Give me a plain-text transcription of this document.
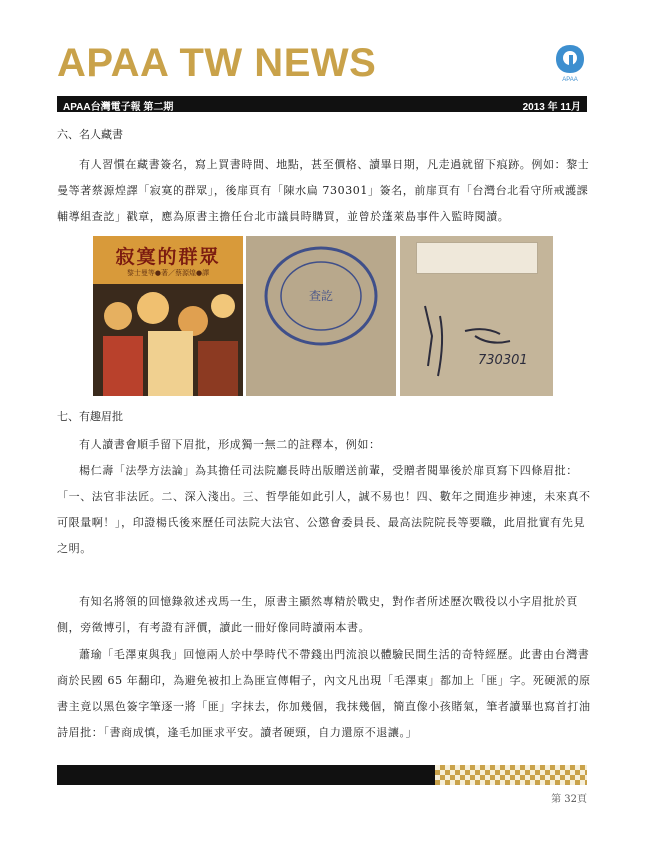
APAA TW NEWS	APAA
APAA台灣電子報 第二期	2013 年 11月
六、名人藏書
有人習慣在藏書簽名，寫上買書時間、地點，甚至價格、讀畢日期，凡走過就留下痕跡。例如：黎士曼等著蔡源煌譯「寂寞的群眾」，後扉頁有「陳水扁 730301」簽名，前扉頁有「台灣台北看守所戒護課輔導組查訖」戳章，應為原書主擔任台北市議員時購買，並曾於蓬萊島事件入監時閱讀。
寂寞的群眾
黎士曼等●著／蔡源煌●譯
查訖
730301
七、有趣眉批
有人讀書會順手留下眉批，形成獨一無二的註釋本，例如：
楊仁壽「法學方法論」為其擔任司法院廳長時出版贈送前輩，受贈者閱畢後於扉頁寫下四條眉批：「一、法官非法匠。二、深入淺出。三、哲學能如此引人，誠不易也！四、數年之間進步神速，未來真不可限量啊！」，印證楊氏後來歷任司法院大法官、公懲會委員長、最高法院院長等要職，此眉批實有先見之明。
有知名將領的回憶錄敘述戎馬一生，原書主顯然專精於戰史，對作者所述歷次戰役以小字眉批於頁側，旁徵博引，有考證有評價，讀此一冊好像同時讀兩本書。
蕭瑜「毛澤東與我」回憶兩人於中學時代不帶錢出門流浪以體驗民間生活的奇特經歷。此書由台灣書商於民國 65 年翻印，為避免被扣上為匪宣傳帽子，內文凡出現「毛澤東」都加上「匪」字。死硬派的原書主竟以黑色簽字筆逐一將「匪」字抹去，你加幾個，我抹幾個，簡直像小孩賭氣，筆者讀畢也寫首打油詩眉批：「書商成慎，逢毛加匪求平安。讀者硬頸，自力還原不退讓。」
第 32頁
